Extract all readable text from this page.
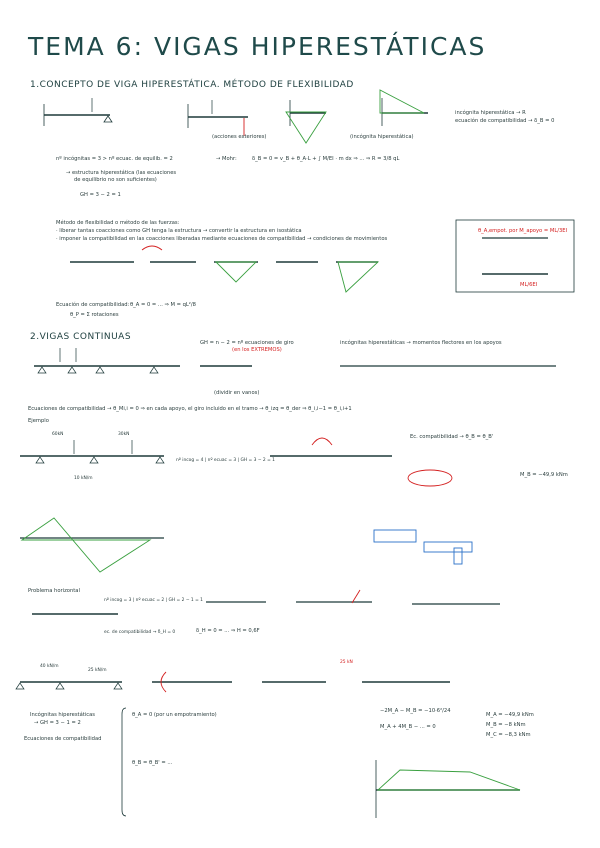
TEMA 6: VIGAS HIPERESTÁTICAS
1.CONCEPTO DE VIGA HIPERESTÁTICA. MÉTODO DE FLEXIBILIDAD
(acciones exteriores)	(incógnita hiperestática)
incógnita hiperestática → R
ecuación de compatibilidad → δ_B = 0
nº incógnitas = 3 > nº ecuac. de equilib. = 2
→ estructura hiperestática (las ecuaciones
de equilibrio no son suficientes)
GH = 3 − 2 = 1
→ Mohr:	δ_B = 0 = v_B + θ_A·L + ∫ M/EI · m dx ⇒ ... ⇒ R = 3/8 qL
Método de flexibilidad o método de las fuerzas:
· liberar tantas coacciones como GH tenga la estructura → convertir la estructura en isostática
· imponer la compatibilidad en las coacciones liberadas mediante ecuaciones de compatibilidad → condiciones de movimientos
Ecuación de compatibilidad: θ_A = 0 = ... ⇒ M = qL²/8
θ_P = Σ rotaciones
θ_A,empot. por M_apoyo = ML/3EI
ML/6EI
2.VIGAS CONTINUAS
GH = n − 2 = nº ecuaciones de giro
(en los EXTREMOS)
(dividir en vanos)
incógnitas hiperestáticas → momentos flectores en los apoyos
Ecuaciones de compatibilidad → θ_Mi,i = 0 ⇒ en cada apoyo, el giro incluido en el tramo → θ_izq = θ_der ⇒ θ_i,i−1 = θ_i,i+1
Ejemplo
60kN	30kN
10 kN/m
nº incog = 4 | nº ecuac = 3 | GH = 3 − 2 = 1
Ec. compatibilidad → θ_B = θ_B'
M_B = −49,9 kNm
Problema horizontal
nº incog = 3 | nº ecuac = 2 | GH = 2 − 1 = 1
ec. de compatibilidad → δ_H = 0	δ_H = 0 = ... ⇒ H = 0,6F
40 kN/m
25 kN/m
25 kN
Incógnitas hiperestáticas
→ GH = 3 − 1 = 2
Ecuaciones de compatibilidad
θ_A = 0 (por un empotramiento)
θ_B = θ_B' = ...
−2M_A − M_B = −10·6²/24
M_A + 4M_B − ... = 0
M_A = −49,9 kNm
M_B = −8 kNm
M_C = −8,3 kNm
